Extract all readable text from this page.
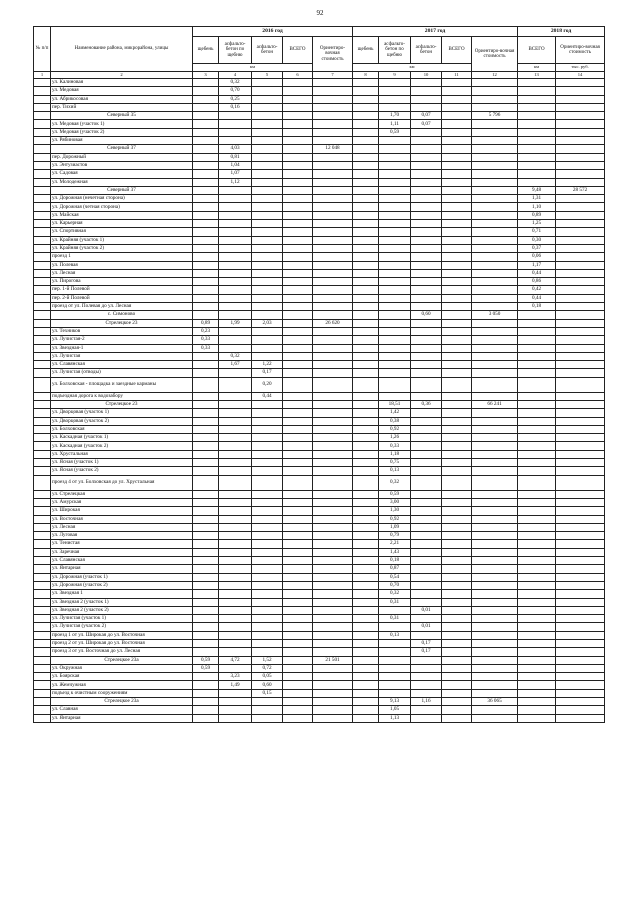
92
№ п/п	Наименование района, микрорайона, улицы	2016 год					2017 год					2018 год	
		щебень	асфальто-бетон по щебню	асфальто-бетон	ВСЕГО	Ориентиро-вочная стоимость	щебень	асфальто-бетон по щебню	асфальто-бетон	ВСЕГО	Ориентиро-вочная стоимость	ВСЕГО	Ориентиро-вочная стоимость
		км					км					км	тыс. руб.
1	2	3	4	5	6	7	8	9	10	11	12	13	14
	ул. Калиновая		0,32										
	ул. Медовая		0,70										
	ул. Абрикосовая		0,25										
	пер. Тихий		0,16										
	Северный 35							1,70	0,07		5 796		
	ул. Медовая (участок 1)							1,11	0,07				
	ул. Медовая (участок 2)							0,59					
	ул. Рябиновая												
	Северный 37		4,03			12 048							
	пер. Дорожный		0,81										
	ул. Энтузиастов		1,04										
	ул. Садовая		1,07										
	ул. Молодежная		1,12										
	Северный 37											9,48	28 572
	ул. Дорожная (нечетная сторона)											1,31	
	ул. Дорожная (четная сторона)											1,10	
	ул. Майская											0,89	
	ул. Карьерная											1,25	
	ул. Спортивная											0,71	
	ул. Крайняя (участок 1)											0,30	
	ул. Крайняя (участок 2)											0,37	
	проезд 1											0,06	
	ул. Полевая											1,17	
	ул. Лесная											0,44	
	ул. Пирогова											0,86	
	пер. 1-й Полевой											0,42	
	пер. 2-й Полевой											0,44	
	проезд от ул. Полевая до ул. Лесная											0,18	
	с. Симоново								0,60		3 050		
	Стрелецкое 23	0,89	1,99	2,03		26 620							
	ул. Техников	0,23											
	ул. Лучистая-2	0,33											
	ул. Звездная-1	0,33											
	ул. Лучистая		0,32										
	ул. Славянская		1,67	1,22									
	ул. Лучистая (отводы)			0,17									
	ул. Болховская - площадка и заездные карманы			0,20									
	подъездная дорога к водозабору			0,44									
	Стрелецкое 23							18,51	0,36		66 241		
	ул. Дворцовая (участок 1)							1,42					
	ул. Дворцовая (участок 2)							0,38					
	ул. Болховская							0,92					
	ул. Каскадная (участок 1)							1,26					
	ул. Каскадная (участок 2)							0,33					
	ул. Хрустальная							1,18					
	ул. Ясная (участок 1)							0,75					
	ул. Ясная (участок 2)							0,13					
	проезд 4 от ул. Болховская до ул. Хрустальная							0,32					
	ул. Стрелецкая							0,59					
	ул. Амурская							3,00					
	ул. Широкая							1,30					
	ул. Восточная							0,92					
	ул. Лесная							1,09					
	ул. Луговая							0,79					
	ул. Тенистая							2,21					
	ул. Заречная							1,43					
	ул. Славянская							0,18					
	ул. Янтарная							0,87					
	ул. Дорожная (участок 1)							0,54					
	ул. Дорожная (участок 2)							0,70					
	ул. Звездная 1							0,32					
	ул. Звездная 2 (участок 1)							0,31					
	ул. Звездная 2 (участок 2)								0,01				
	ул. Лучистая (участок 1)							0,31					
	ул. Лучистая (участок 2)								0,01				
	проезд 1 от ул. Широкая до ул. Восточная							0,13					
	проезд 2 от ул. Широкая до ул. Восточная								0,17				
	проезд 3 от ул. Восточная до ул. Лесная								0,17				
	Стрелецкое 23а	0,59	4,72	1,52		21 501							
	ул. Окружная	0,59		0,72									
	ул. Боярская		3,23	0,05									
	ул. Жемчужная		1,49	0,60									
	подъезд к очистным сооружениям			0,15									
	Стрелецкое 23а							9,13	1,16		36 065		
	ул. Славная							1,05					
	ул. Янтарная							1,13					
